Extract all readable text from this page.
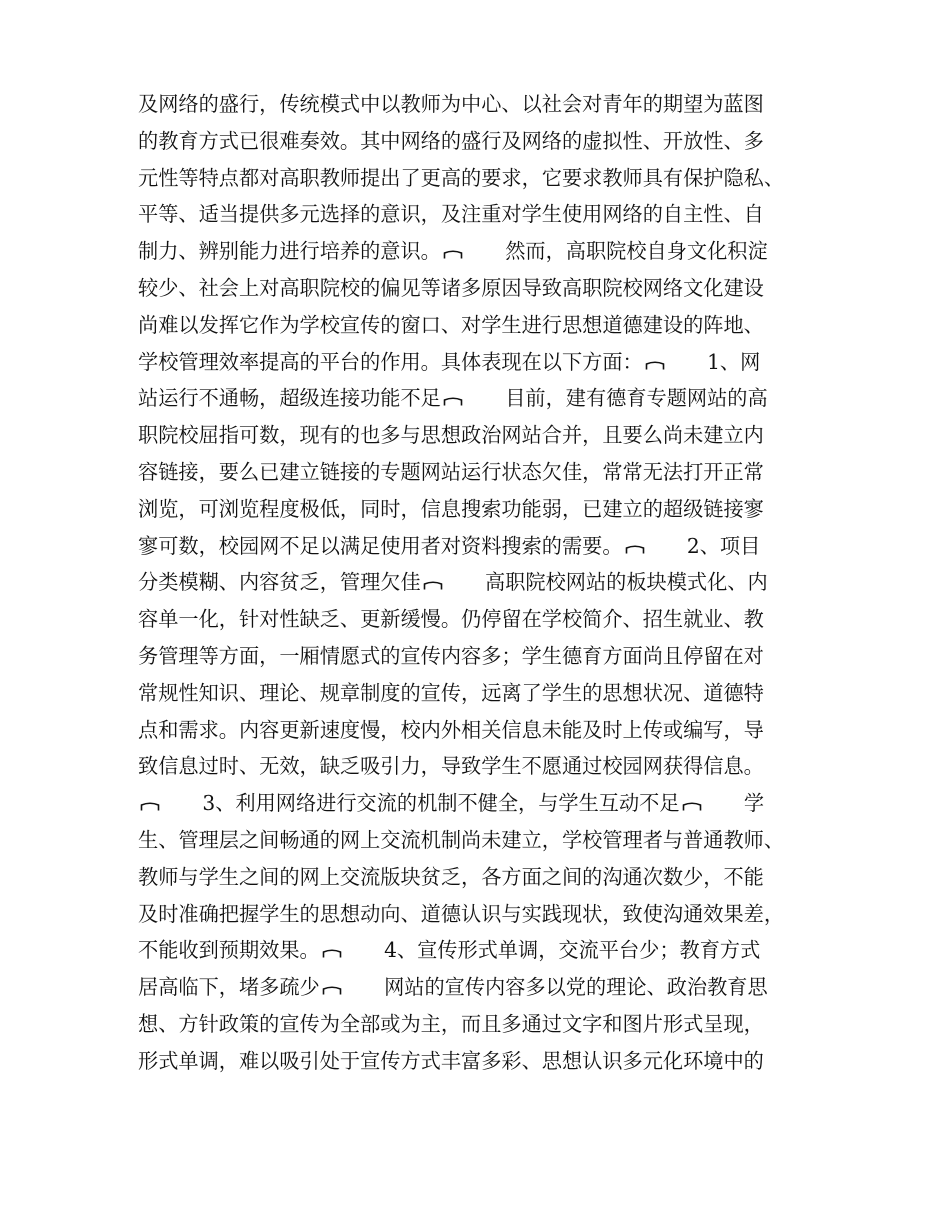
及网络的盛行，传统模式中以教师为中心、以社会对青年的期望为蓝图
的教育方式已很难奏效。其中网络的盛行及网络的虚拟性、开放性、多
元性等特点都对高职教师提出了更高的要求，它要求教师具有保护隐私、
平等、适当提供多元选择的意识，及注重对学生使用网络的自主性、自
制力、辨别能力进行培养的意识。
　　然而，高职院校自身文化积淀
较少、社会上对高职院校的偏见等诸多原因导致高职院校网络文化建设
尚难以发挥它作为学校宣传的窗口、对学生进行思想道德建设的阵地、
学校管理效率提高的平台的作用。具体表现在以下方面：
　　1、网
站运行不通畅，超级连接功能不足
　　目前，建有德育专题网站的高
职院校屈指可数，现有的也多与思想政治网站合并，且要么尚未建立内
容链接，要么已建立链接的专题网站运行状态欠佳，常常无法打开正常
浏览，可浏览程度极低，同时，信息搜索功能弱，已建立的超级链接寥
寥可数，校园网不足以满足使用者对资料搜索的需要。
　　2、项目
分类模糊、内容贫乏，管理欠佳
　　高职院校网站的板块模式化、内
容单一化，针对性缺乏、更新缓慢。仍停留在学校简介、招生就业、教
务管理等方面，一厢情愿式的宣传内容多；学生德育方面尚且停留在对
常规性知识、理论、规章制度的宣传，远离了学生的思想状况、道德特
点和需求。内容更新速度慢，校内外相关信息未能及时上传或编写，导
致信息过时、无效，缺乏吸引力，导致学生不愿通过校园网获得信息。
　　3、利用网络进行交流的机制不健全，与学生互动不足
　　学
生、管理层之间畅通的网上交流机制尚未建立，学校管理者与普通教师、
教师与学生之间的网上交流版块贫乏，各方面之间的沟通次数少，不能
及时准确把握学生的思想动向、道德认识与实践现状，致使沟通效果差，
不能收到预期效果。
　　4、宣传形式单调，交流平台少；教育方式
居高临下，堵多疏少
　　网站的宣传内容多以党的理论、政治教育思
想、方针政策的宣传为全部或为主，而且多通过文字和图片形式呈现，
形式单调，难以吸引处于宣传方式丰富多彩、思想认识多元化环境中的
